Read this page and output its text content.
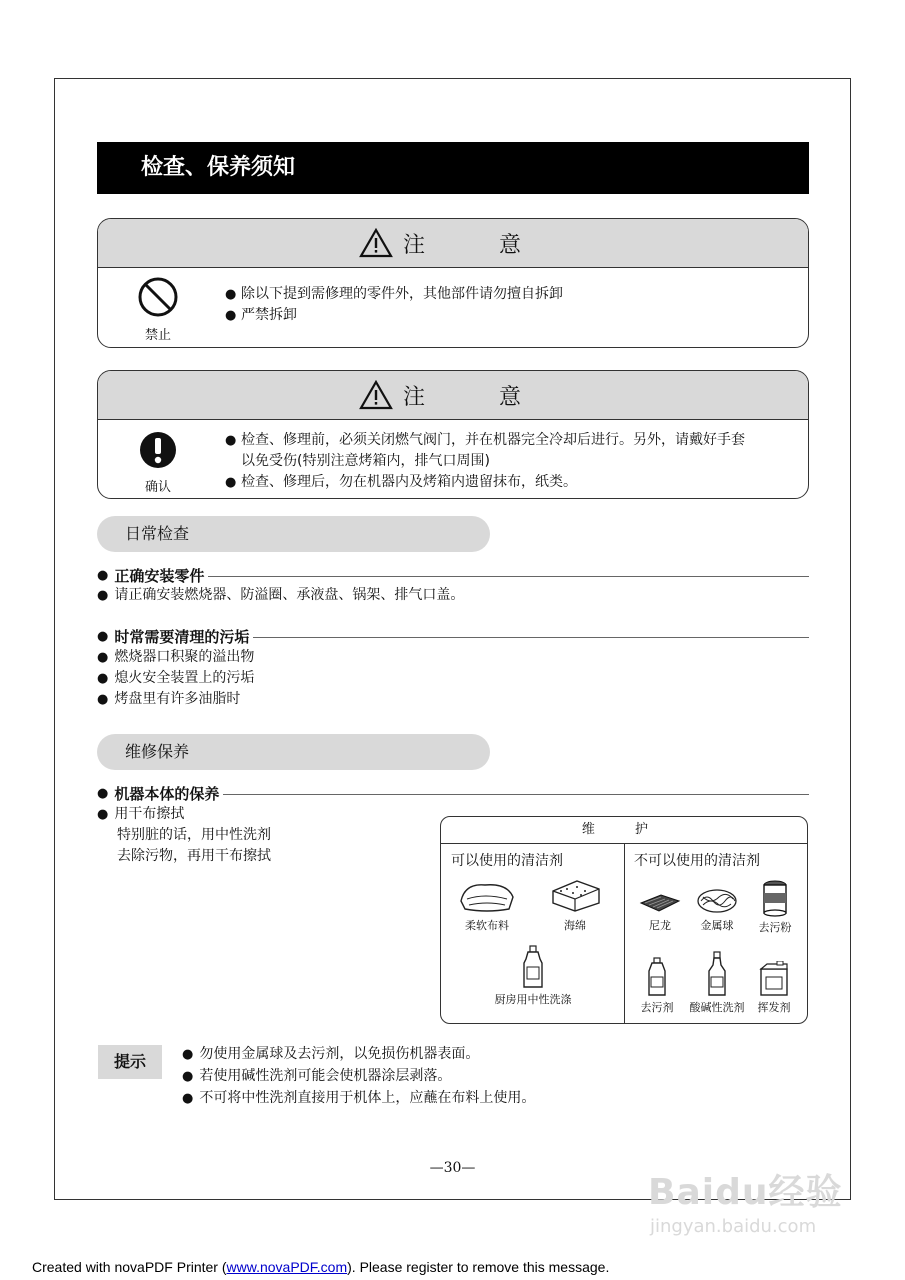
检查、保养须知
注　意
禁止
● 除以下提到需修理的零件外，其他部件请勿擅自拆卸
● 严禁拆卸
注　意
确认
● 检查、修理前，必须关闭燃气阀门，并在机器完全冷却后进行。另外，请戴好手套
以免受伤(特别注意烤箱内，排气口周围)
● 检查、修理后，勿在机器内及烤箱内遗留抹布，纸类。
日常检查
● 正确安装零件
● 请正确安装燃烧器、防溢圈、承液盘、锅架、排气口盖。
● 时常需要清理的污垢
● 燃烧器口积聚的溢出物
● 熄火安全装置上的污垢
● 烤盘里有许多油脂时
维修保养
● 机器本体的保养
● 用干布擦拭
特别脏的话，用中性洗剂
去除污物，再用干布擦拭
维 护
可以使用的清洁剂	不可以使用的清洁剂
柔软布料	海绵
厨房用中性洗涤
尼龙	金属球	去污粉
去污剂	酸碱性洗剂	挥发剂
提示	● 勿使用金属球及去污剂，以免损伤机器表面。
● 若使用碱性洗剂可能会使机器涂层剥落。
● 不可将中性洗剂直接用于机体上，应蘸在布料上使用。
—30—
Baidu经验
jingyan.baidu.com
Created with novaPDF Printer (www.novaPDF.com). Please register to remove this message.
